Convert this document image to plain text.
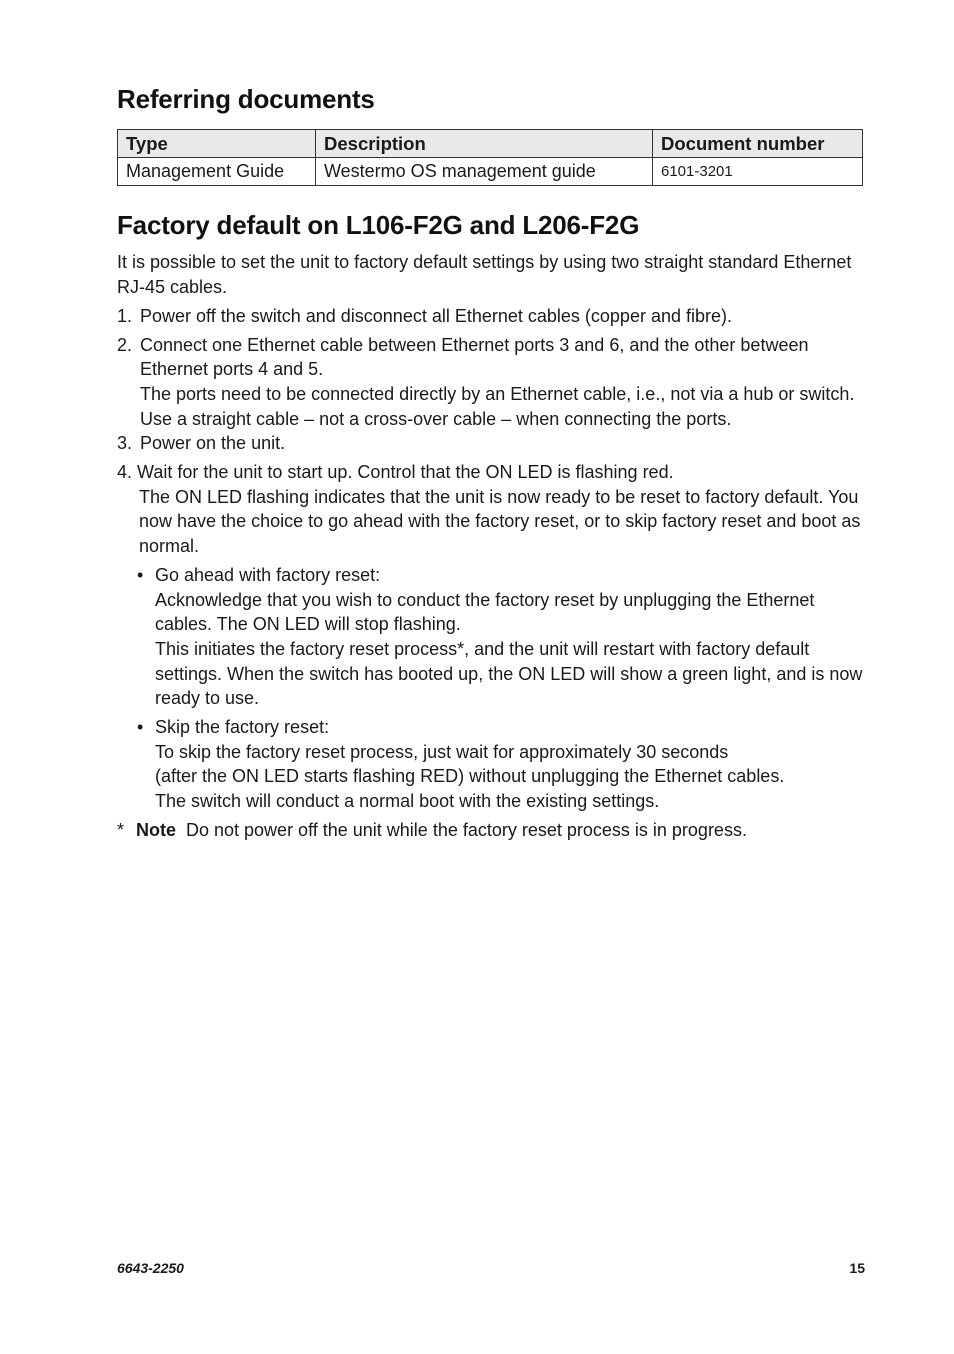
Referring documents
Type	Description	Document number
Management Guide	Westermo OS management guide	6101-3201
Factory default on L106-F2G and L206-F2G

It is possible to set the unit to factory default settings by using two straight standard Ethernet RJ-45 cables.

1. Power off the switch and disconnect all Ethernet cables (copper and fibre).
2. Connect one Ethernet cable between Ethernet ports 3 and 6, and the other between Ethernet ports 4 and 5.

The ports need to be connected directly by an Ethernet cable, i.e., not via a hub or switch. Use a straight cable – not a cross-over cable – when connecting the ports.

3. Power on the unit.
4. Wait for the unit to start up. Control that the ON LED is flashing red.

The ON LED flashing indicates that the unit is now ready to be reset to factory default. You now have the choice to go ahead with the factory reset, or to skip factory reset and boot as normal.

• Go ahead with factory reset:

Acknowledge that you wish to conduct the factory reset by unplugging the Ethernet cables. The ON LED will stop flashing.

This initiates the factory reset process*, and the unit will restart with factory default settings. When the switch has booted up, the ON LED will show a green light, and is now ready to use.

• Skip the factory reset:

To skip the factory reset process, just wait for approximately 30 seconds

(after the ON LED starts flashing RED) without unplugging the Ethernet cables.

The switch will conduct a normal boot with the existing settings.

* Note Do not power off the unit while the factory reset process is in progress.
6643-2250	15
